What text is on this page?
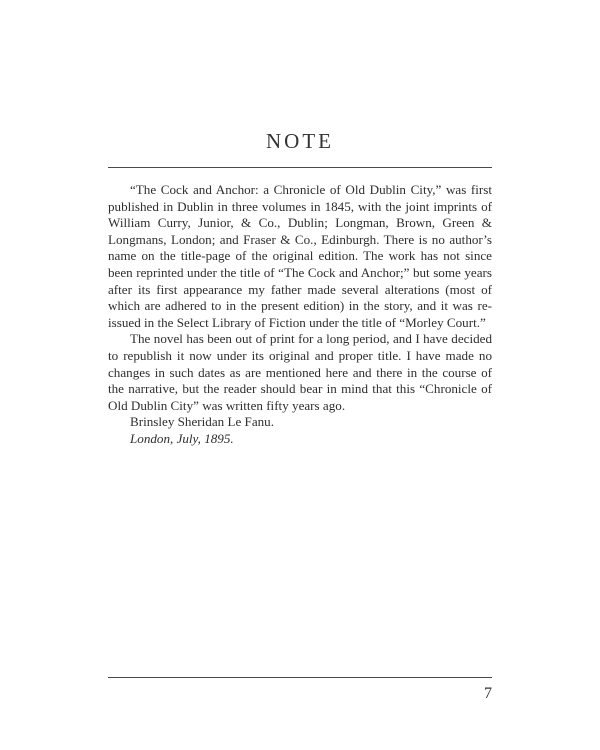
NOTE

“The Cock and Anchor: a Chronicle of Old Dublin City,” was first published in Dublin in three volumes in 1845, with the joint imprints of William Curry, Junior, & Co., Dublin; Longman, Brown, Green & Longmans, London; and Fraser & Co., Edinburgh. There is no author’s name on the title-page of the original edition. The work has not since been reprinted under the title of “The Cock and Anchor;” but some years after its first appearance my father made several alterations (most of which are adhered to in the present edition) in the story, and it was re-issued in the Select Library of Fiction under the title of “Morley Court.”

The novel has been out of print for a long period, and I have decided to republish it now under its original and proper title. I have made no changes in such dates as are mentioned here and there in the course of the narrative, but the reader should bear in mind that this “Chronicle of Old Dublin City” was written fifty years ago.

Brinsley Sheridan Le Fanu.

London, July, 1895.

7
